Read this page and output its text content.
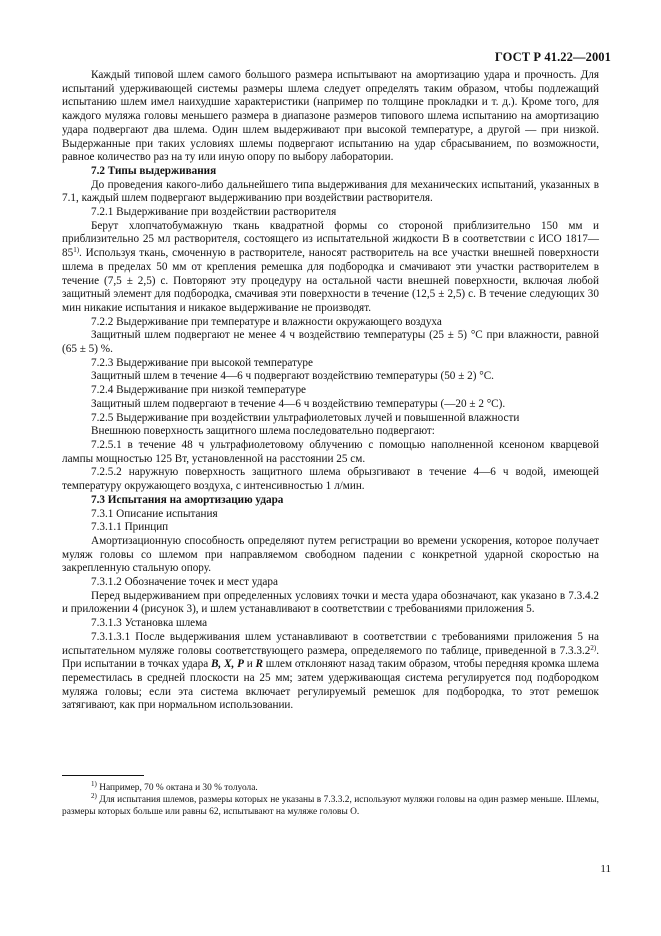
ГОСТ Р 41.22—2001

Каждый типовой шлем самого большого размера испытывают на амортизацию удара и прочность. Для испытаний удерживающей системы размеры шлема следует определять таким образом, чтобы подлежащий испытанию шлем имел наихудшие характеристики (например по толщине прокладки и т. д.). Кроме того, для каждого муляжа головы меньшего размера в диапазоне размеров типового шлема испытанию на амортизацию удара подвергают два шлема. Один шлем выдерживают при высокой температуре, а другой — при низкой. Выдержанные при таких условиях шлемы подвергают испытанию на удар сбрасыванием, по возможности, равное количество раз на ту или иную опору по выбору лаборатории.

7.2 Типы выдерживания

До проведения какого-либо дальнейшего типа выдерживания для механических испытаний, указанных в 7.1, каждый шлем подвергают выдерживанию при воздействии растворителя.

7.2.1 Выдерживание при воздействии растворителя

Берут хлопчатобумажную ткань квадратной формы со стороной приблизительно 150 мм и приблизительно 25 мл растворителя, состоящего из испытательной жидкости B в соответствии с ИСО 1817—85$^{1)}$. Используя ткань, смоченную в растворителе, наносят растворитель на все участки внешней поверхности шлема в пределах 50 мм от крепления ремешка для подбородка и смачивают эти участки растворителем в течение (7,5 ± 2,5) с. Повторяют эту процедуру на остальной части внешней поверхности, включая любой защитный элемент для подбородка, смачивая эти поверхности в течение (12,5 ± 2,5) с. В течение следующих 30 мин никакие испытания и никакое выдерживание не производят.

7.2.2 Выдерживание при температуре и влажности окружающего воздуха

Защитный шлем подвергают не менее 4 ч воздействию температуры (25 ± 5) °С при влажности, равной (65 ± 5) %.

7.2.3 Выдерживание при высокой температуре

Защитный шлем в течение 4—6 ч подвергают воздействию температуры (50 ± 2) °С.

7.2.4 Выдерживание при низкой температуре

Защитный шлем подвергают в течение 4—6 ч воздействию температуры (—20 ± 2 °С).

7.2.5 Выдерживание при воздействии ультрафиолетовых лучей и повышенной влажности

Внешнюю поверхность защитного шлема последовательно подвергают:

7.2.5.1 в течение 48 ч ультрафиолетовому облучению с помощью наполненной ксеноном кварцевой лампы мощностью 125 Вт, установленной на расстоянии 25 см.

7.2.5.2 наружную поверхность защитного шлема обрызгивают в течение 4—6 ч водой, имеющей температуру окружающего воздуха, с интенсивностью 1 л/мин.

7.3 Испытания на амортизацию удара

7.3.1 Описание испытания

7.3.1.1 Принцип

Амортизационную способность определяют путем регистрации во времени ускорения, которое получает муляж головы со шлемом при направляемом свободном падении с конкретной ударной скоростью на закрепленную стальную опору.

7.3.1.2 Обозначение точек и мест удара

Перед выдерживанием при определенных условиях точки и места удара обозначают, как указано в 7.3.4.2 и приложении 4 (рисунок 3), и шлем устанавливают в соответствии с требованиями приложения 5.

7.3.1.3 Установка шлема

7.3.1.3.1 После выдерживания шлем устанавливают в соответствии с требованиями приложения 5 на испытательном муляже головы соответствующего размера, определяемого по таблице, приведенной в 7.3.3.2$^{2)}$. При испытании в точках удара B, X, P и R шлем отклоняют назад таким образом, чтобы передняя кромка шлема переместилась в средней плоскости на 25 мм; затем удерживающая система регулируется под подбородком муляжа головы; если эта система включает регулируемый ремешок для подбородка, то этот ремешок затягивают, как при нормальном использовании.

$^{1)}$ Например, 70 % октана и 30 % толуола.

$^{2)}$ Для испытания шлемов, размеры которых не указаны в 7.3.3.2, используют муляжи головы на один размер меньше. Шлемы, размеры которых больше или равны 62, испытывают на муляже головы О.

11
